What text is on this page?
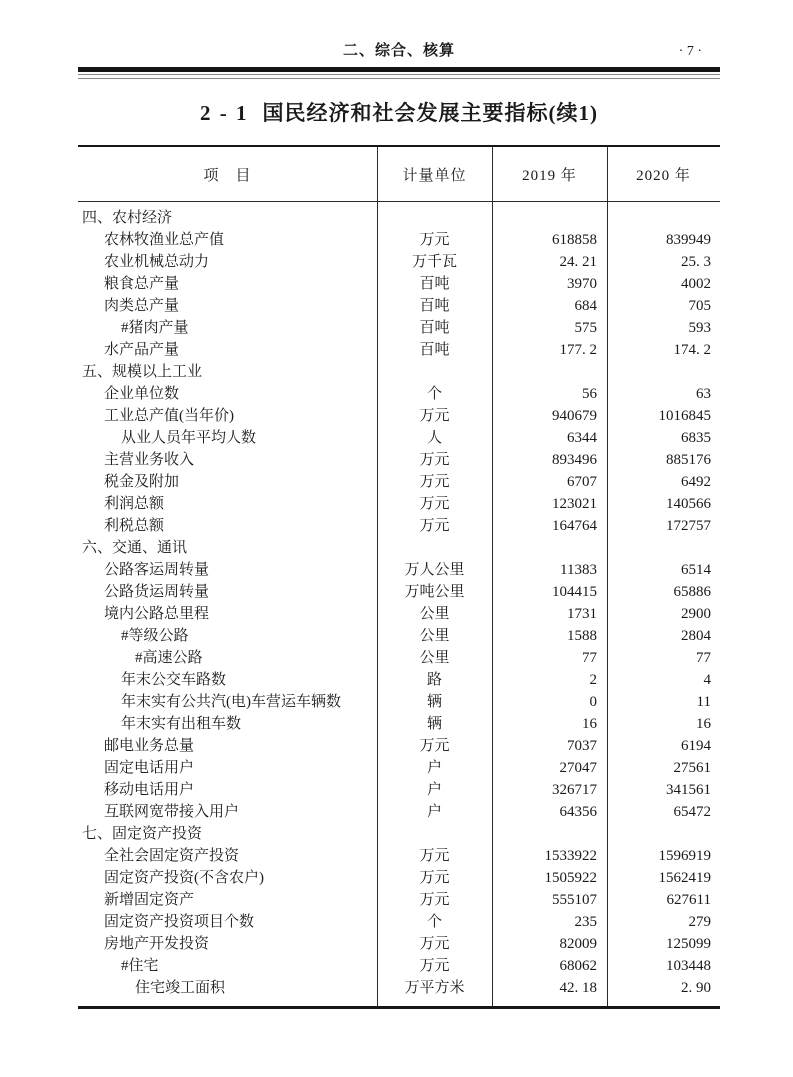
二、综合、核算	· 7 ·
2 - 1 国民经济和社会发展主要指标(续1)
项　目	计量单位	2019 年	2020 年
四、农村经济
农林牧渔业总产值	万元	618858	839949
农业机械总动力	万千瓦	24. 21	25. 3
粮食总产量	百吨	3970	4002
肉类总产量	百吨	684	705
#猪肉产量	百吨	575	593
水产品产量	百吨	177. 2	174. 2
五、规模以上工业
企业单位数	个	56	63
工业总产值(当年价)	万元	940679	1016845
从业人员年平均人数	人	6344	6835
主营业务收入	万元	893496	885176
税金及附加	万元	6707	6492
利润总额	万元	123021	140566
利税总额	万元	164764	172757
六、交通、通讯
公路客运周转量	万人公里	11383	6514
公路货运周转量	万吨公里	104415	65886
境内公路总里程	公里	1731	2900
#等级公路	公里	1588	2804
#高速公路	公里	77	77
年末公交车路数	路	2	4
年末实有公共汽(电)车营运车辆数	辆	0	11
年末实有出租车数	辆	16	16
邮电业务总量	万元	7037	6194
固定电话用户	户	27047	27561
移动电话用户	户	326717	341561
互联网宽带接入用户	户	64356	65472
七、固定资产投资
全社会固定资产投资	万元	1533922	1596919
固定资产投资(不含农户)	万元	1505922	1562419
新增固定资产	万元	555107	627611
固定资产投资项目个数	个	235	279
房地产开发投资	万元	82009	125099
#住宅	万元	68062	103448
住宅竣工面积	万平方米	42. 18	2. 90
